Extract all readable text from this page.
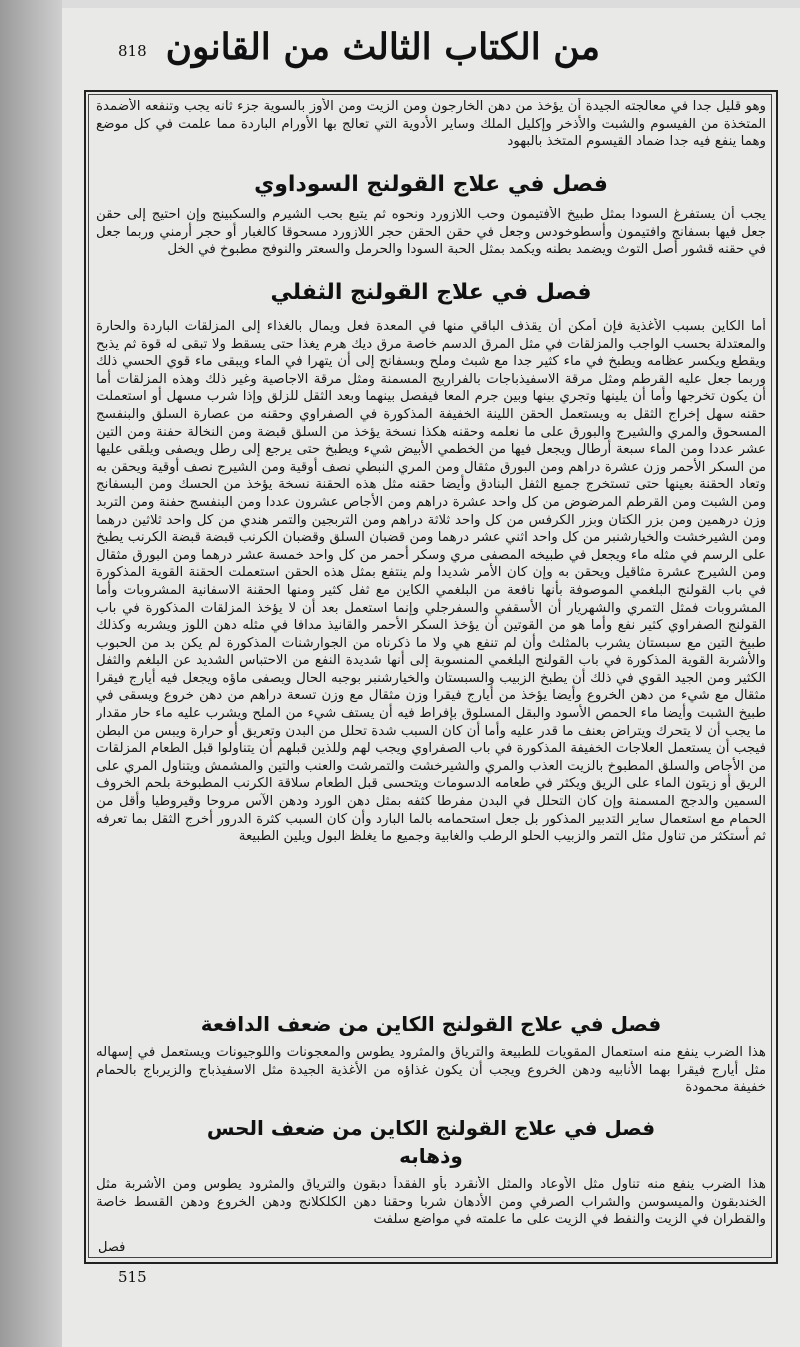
من الكتاب الثالث من القانون
818
وهو قليل جدا في معالجته الجيدة أن يؤخذ من دهن الخارجون ومن الزيت ومن الأوز بالسوية جزء ثانه يجب وتنفعه الأضمدة المتخذة من الفيسوم والشبت والأذخر وإكليل الملك وساير الأدوية التي تعالج بها الأورام الباردة مما علمت في كل موضع وهما ينفع فيه جدا ضماد القيسوم المتخذ بالبهود
فصل في علاج القولنج السوداوي
يجب أن يستفرغ السودا بمثل طبيخ الأفتيمون وحب اللازورد ونحوه ثم يتبع بحب الشيرم والسكبينج وإن احتيج إلى حقن جعل فيها بسفانج وافتيمون وأسطوخودس وجعل في حقن الحقن حجر اللازورد مسحوقا كالغبار أو حجر أرمني وربما جعل في حقنه قشور أصل التوث ويضمد بطنه ويكمد بمثل الحبة السودا والحرمل والسعتر والنوفج مطبوخ في الخل
فصل في علاج القولنج الثفلي
أما الكاين بسبب الأغذية فإن أمكن أن يقذف الباقي منها في المعدة فعل ويمال بالغذاء إلى المزلقات الباردة والحارة والمعتدلة بحسب الواجب والمزلقات في مثل المرق الدسم خاصة مرق ديك هرم يغذا حتى يسقط ولا تبقى له قوة ثم يذبح ويقطع ويكسر عظامه ويطبخ في ماء كثير جدا مع شبث وملح وبسفانج إلى أن يتهرا في الماء ويبقى ماء قوي الحسي ذلك وربما جعل عليه القرطم ومثل مرقة الاسفيذباجات بالفراريج المسمنة ومثل مرقة الاجاصية وغير ذلك وهذه المزلقات أما أن يكون تخرجها وأما أن يلينها وتجري بينها وبين جرم المعا فيفصل بينهما وبعد الثقل للزلق وإذا شرب مسهل أو استعملت حقنه سهل إخراج الثقل به ويستعمل الحقن اللينة الخفيفة المذكورة في الصفراوي وحقنه من عصارة السلق والبنفسج المسحوق والمري والشيرج والبورق على ما نعلمه وحقنه هكذا نسخة يؤخذ من السلق قبضة ومن النخالة حفنة ومن التين عشر عددا ومن الماء سبعة أرطال ويجعل فيها من الخطمي الأبيض شيء ويطبخ حتى يرجع إلى رطل ويصفى ويلقى عليها من السكر الأحمر وزن عشرة دراهم ومن البورق مثقال ومن المري النبطي نصف أوقية ومن الشيرج نصف أوقية ويحقن به وتعاد الحقنة بعينها حتى تستخرج جميع الثفل البنادق وأيضا حقنه مثل هذه الحقنة نسخة يؤخذ من الحسك ومن البسفانج ومن الشبت ومن القرطم المرضوض من كل واحد عشرة دراهم ومن الأجاص عشرون عددا ومن البنفسج حفنة ومن التربد وزن درهمين ومن بزر الكتان وبزر الكرفس من كل واحد ثلاثة دراهم ومن التربجين والتمر هندي من كل واحد ثلاثين درهما ومن الشيرخشت والخيارشنبر من كل واحد اثني عشر درهما ومن قضبان السلق وقضبان الكرنب قبضة قبضة الكرنب يطبخ على الرسم في مثله ماء ويجعل في طبيخه المصفى مري وسكر أحمر من كل واحد خمسة عشر درهما ومن البورق مثقال ومن الشيرج عشرة مثاقيل ويحقن به وإن كان الأمر شديدا ولم ينتفع بمثل هذه الحقن استعملت الحقنة القوية المذكورة في باب القولنج البلغمي الموصوفة بأنها نافعة من البلغمي الكاين مع ثفل كثير ومنها الحقنة الاسفانية المشروبات وأما المشروبات فمثل التمري والشهريار أن الأسقفي والسفرجلي وإنما استعمل بعد أن لا يؤخذ المزلقات المذكورة في باب القولنج الصفراوي كثير نفع وأما هو من القوتين أن يؤخذ السكر الأحمر والقانيذ مدافا في مثله دهن اللوز ويشربه وكذلك طبيخ التين مع سبستان يشرب بالمثلث وأن لم تنفع هي ولا ما ذكرناه من الجوارشنات المذكورة لم يكن بد من الحبوب والأشربة القوية المذكورة في باب القولنج البلغمي المنسوبة إلى أنها شديدة النفع من الاحتباس الشديد عن البلغم والثفل الكثير ومن الجيد القوي في ذلك أن يطبخ الزبيب والسبستان والخيارشنبر بوجبه الحال ويصفى ماؤه ويجعل فيه أيارج فيقرا مثقال مع شيء من دهن الخروع وأيضا يؤخذ من أيارج فيقرا وزن مثقال مع وزن تسعة دراهم من دهن خروع ويسقى في طبيخ الشبت وأيضا ماء الحمص الأسود والبقل المسلوق بإفراط فيه أن يستف شيء من الملح ويشرب عليه ماء حار مقدار ما يجب أن لا يتحرك ويتراض بعنف ما قدر عليه وأما أن كان السبب شدة تحلل من البدن وتعريق أو حرارة ويبس من البطن فيجب أن يستعمل العلاجات الخفيفة المذكورة في باب الصفراوي ويجب لهم وللذين قبلهم أن يتناولوا قبل الطعام المزلقات من الأجاص والسلق المطبوخ بالزيت العذب والمري والشيرخشت والتمرشت والعنب والتين والمشمش ويتناول المري على الريق أو زيتون الماء على الريق ويكثر في طعامه الدسومات ويتحسى قبل الطعام سلاقة الكرنب المطبوخة بلحم الخروف السمين والدجج المسمنة وإن كان التحلل في البدن مفرطا كثفه بمثل دهن الورد ودهن الآس مروحا وقيروطيا وأقل من الحمام مع استعمال ساير التدبير المذكور بل جعل استحمامه بالما البارد وأن كان السبب كثرة الدرور أخرج الثقل بما تعرفه ثم أستكثر من تناول مثل التمر والزبيب الحلو الرطب والغابية وجميع ما يغلظ البول ويلين الطبيعة
فصل في علاج القولنج الكاين من ضعف الدافعة
هذا الضرب ينفع منه استعمال المقويات للطبيعة والترياق والمثرود يطوس والمعجونات واللوجيونات ويستعمل في إسهاله مثل أيارج فيقرا بهما الأنابيه ودهن الخروع ويجب أن يكون غذاؤه من الأغذية الجيدة مثل الاسفيذباج والزيرباج بالحمام خفيفة محمودة
فصل في علاج القولنج الكاين من ضعف الحس
وذهابه
هذا الضرب ينفع منه تناول مثل الأوعاد والمثل الأنقرد بأو الفقدأ دبقون والترياق والمثرود يطوس ومن الأشربة مثل الخندبقون والميسوسن والشراب الصرفي ومن الأدهان شربا وحقنا دهن الكلكلانج ودهن الخروع ودهن القسط خاصة والقطران في الزيت والنفط في الزيت على ما علمته في مواضع سلفت
فصل
515
